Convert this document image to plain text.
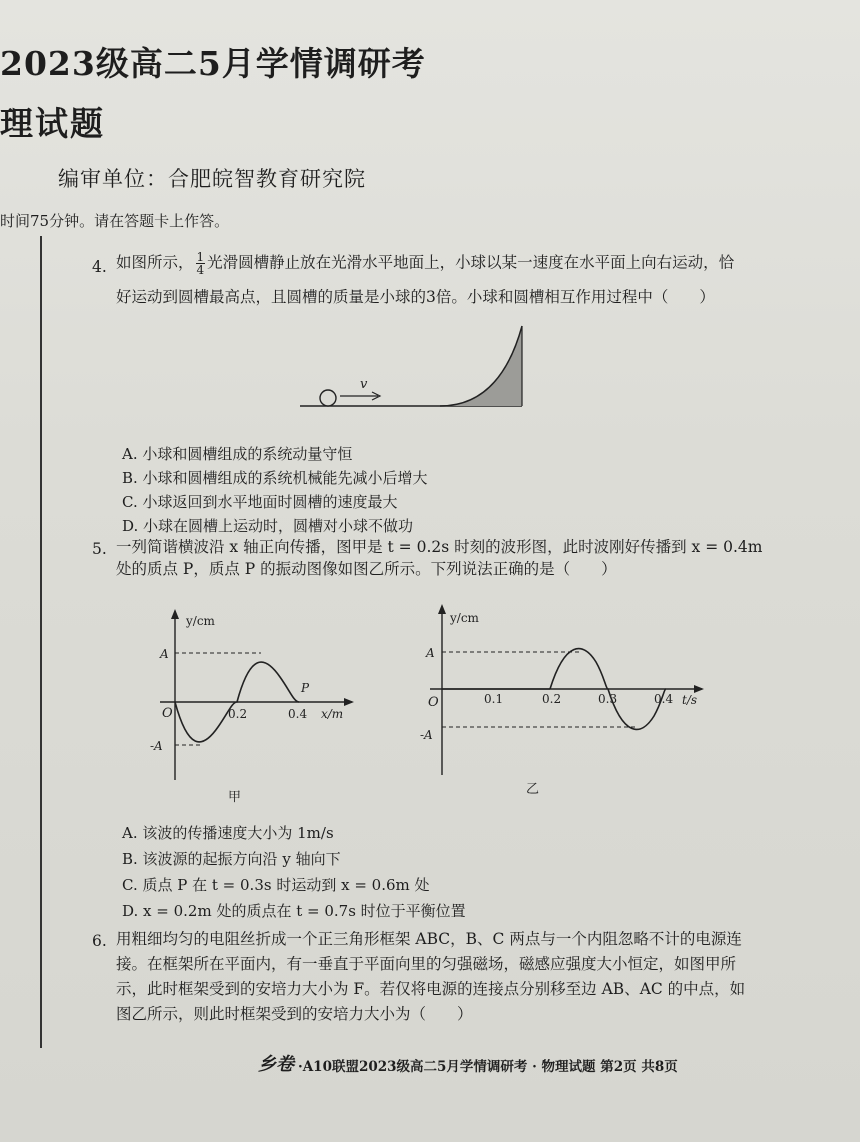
2023级高二5月学情调研考
理试题
编审单位：合肥皖智教育研究院
时间75分钟。请在答题卡上作答。
4. 如图所示， $\frac{1}{4}$ 光滑圆槽静止放在光滑水平地面上，小球以某一速度在水平面上向右运动，恰
好运动到圆槽最高点，且圆槽的质量是小球的3倍。小球和圆槽相互作用过程中（　　）
v
A. 小球和圆槽组成的系统动量守恒
B. 小球和圆槽组成的系统机械能先减小后增大
C. 小球返回到水平地面时圆槽的速度最大
D. 小球在圆槽上运动时，圆槽对小球不做功
5. 一列简谐横波沿 x 轴正向传播，图甲是 t = 0.2s 时刻的波形图，此时波刚好传播到 x = 0.4m
处的质点 P，质点 P 的振动图像如图乙所示。下列说法正确的是（　　）
y/cm
x/m
O
A
-A
0.2	0.4
P
甲
y/cm
t/s
O
A
-A
0.1	0.2	0.3	0.4
乙
A. 该波的传播速度大小为 1m/s
B. 该波源的起振方向沿 y 轴向下
C. 质点 P 在 t = 0.3s 时运动到 x = 0.6m 处
D. x = 0.2m 处的质点在 t = 0.7s 时位于平衡位置
6. 用粗细均匀的电阻丝折成一个正三角形框架 ABC，B、C 两点与一个内阻忽略不计的电源连
接。在框架所在平面内，有一垂直于平面向里的匀强磁场，磁感应强度大小恒定，如图甲所
示，此时框架受到的安培力大小为 F。若仅将电源的连接点分别移至边 AB、AC 的中点，如
图乙所示，则此时框架受到的安培力大小为（　　）
乡卷 ·A10联盟2023级高二5月学情调研考 · 物理试题 第2页 共8页
